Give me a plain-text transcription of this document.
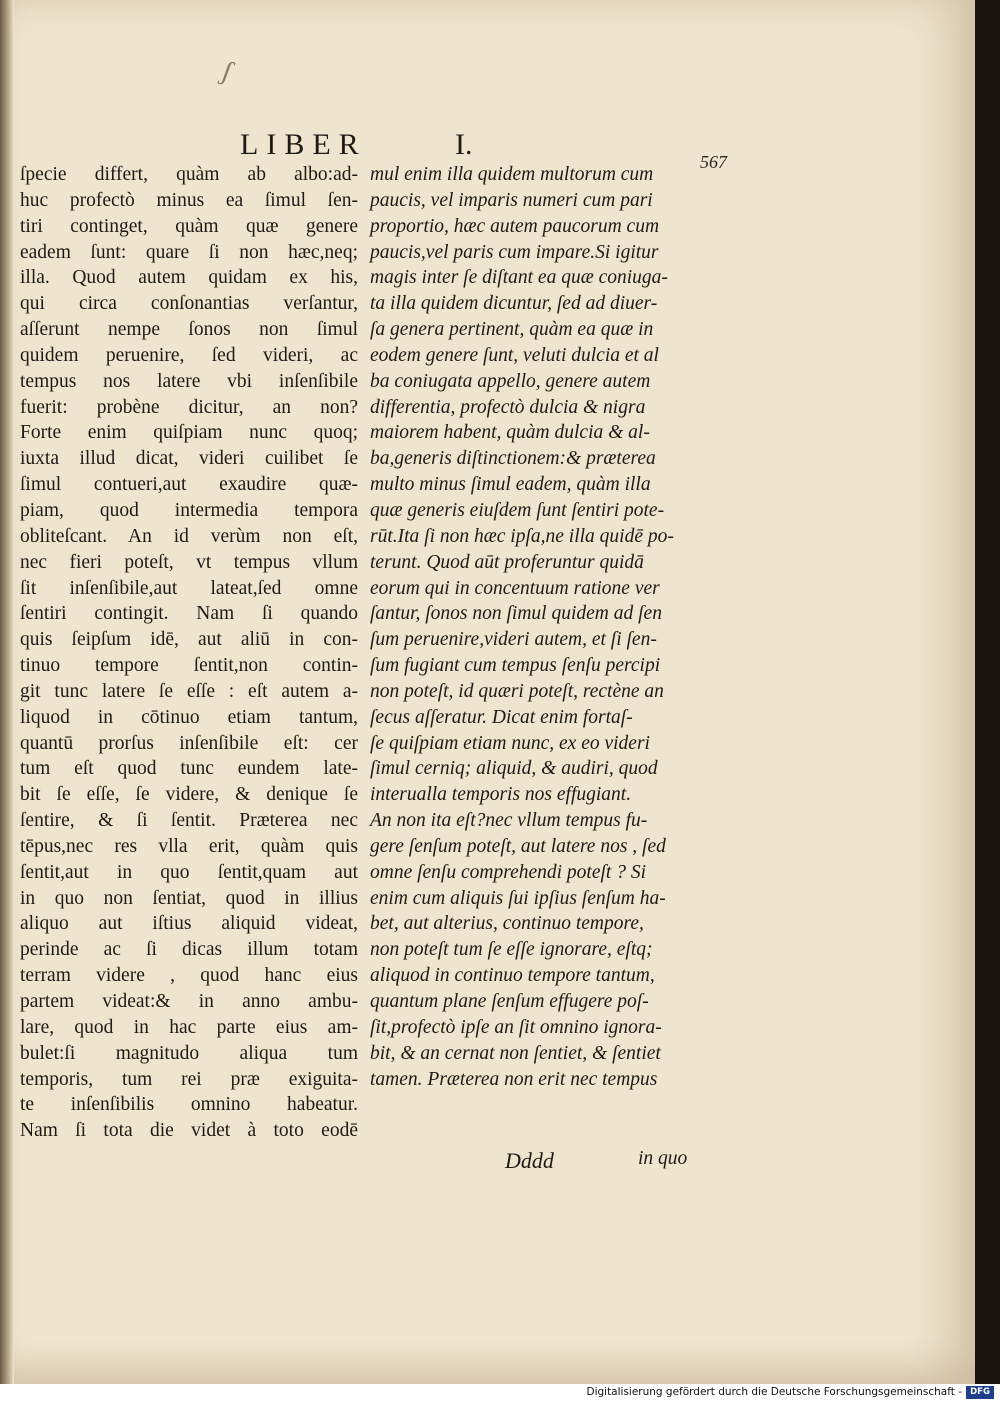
ʃ
LIBER	I.
567
ſpecie differt, quàm ab albo:ad-
huc profectò minus ea ſimul ſen-
tiri continget, quàm quæ genere
eadem ſunt: quare ſi non hæc,neq;
illa. Quod autem quidam ex his,
qui circa conſonantias verſantur,
aſſerunt nempe ſonos non ſimul
quidem peruenire, ſed videri, ac
tempus nos latere vbi inſenſibile
fuerit: probène dicitur, an non?
Forte enim quiſpiam nunc quoq;
iuxta illud dicat, videri cuilibet ſe
ſimul contueri,aut exaudire quæ-
piam, quod intermedia tempora
oblitеſcant. An id verùm non eſt,
nec fieri poteſt, vt tempus vllum
ſit inſenſibile,aut lateat,ſed omne
ſentiri contingit. Nam ſi quando
quis ſeipſum idē, aut aliū in con-
tinuo tempore ſentit,non contin-
git tunc latere ſe eſſe : eſt autem a-
liquod in cōtinuo etiam tantum,
quantū prorſus inſenſibile eſt: cer
tum eſt quod tunc eundem late-
bit ſe eſſe, ſe videre, & denique ſe
ſentire, & ſi ſentit. Præterea nec
tēpus,nec res vlla erit, quàm quis
ſentit,aut in quo ſentit,quam aut
in quo non ſentiat, quod in illius
aliquo aut iſtius aliquid videat,
perinde ac ſi dicas illum totam
terram videre , quod hanc eius
partem videat:& in anno ambu-
lare, quod in hac parte eius am-
bulet:ſi magnitudo aliqua tum
temporis, tum rei præ exiguita-
te inſenſibilis omnino habeatur.
Nam ſi tota die videt à toto eodē
mul enim illa quidem multorum cum
paucis, vel imparis numeri cum pari
proportio, hæc autem paucorum cum
paucis,vel paris cum impare.Si igitur
magis inter ſe diſtant ea quæ coniuga-
ta illa quidem dicuntur, ſed ad diuer-
ſa genera pertinent, quàm ea quæ in
eodem genere ſunt, veluti dulcia et al
ba coniugata appello, genere autem
differentia, profectò dulcia & nigra
maiorem habent, quàm dulcia & al-
ba,generis diſtinctionem:& præterea
multo minus ſimul eadem, quàm illa
quæ generis eiuſdem ſunt ſentiri pote-
rūt.Ita ſi non hæc ipſa,ne illa quidē po-
terunt. Quod aūt proferuntur quidā
eorum qui in concentuum ratione ver
ſantur, ſonos non ſimul quidem ad ſen
ſum peruenire,videri autem, et ſi ſen-
ſum fugiant cum tempus ſenſu percipi
non poteſt, id quæri poteſt, rectène an
ſecus aſſeratur. Dicat enim fortaſ-
ſe quiſpiam etiam nunc, ex eo videri
ſimul cerniq; aliquid, & audiri, quod
interualla temporis nos effugiant.
An non ita eſt?nec vllum tempus fu-
gere ſenſum poteſt, aut latere nos , ſed
omne ſenſu comprehendi poteſt ? Si
enim cum aliquis ſui ipſius ſenſum ha-
bet, aut alterius, continuo tempore,
non poteſt tum ſe eſſe ignorare, eſtq;
aliquod in continuo tempore tantum,
quantum plane ſenſum effugere poſ-
ſit,profectò ipſe an ſit omnino ignora-
bit, & an cernat non ſentiet, & ſentiet
tamen. Præterea non erit nec tempus
Dddd	in quo
Digitalisierung gefördert durch die Deutsche Forschungsgemeinschaft - DFG
